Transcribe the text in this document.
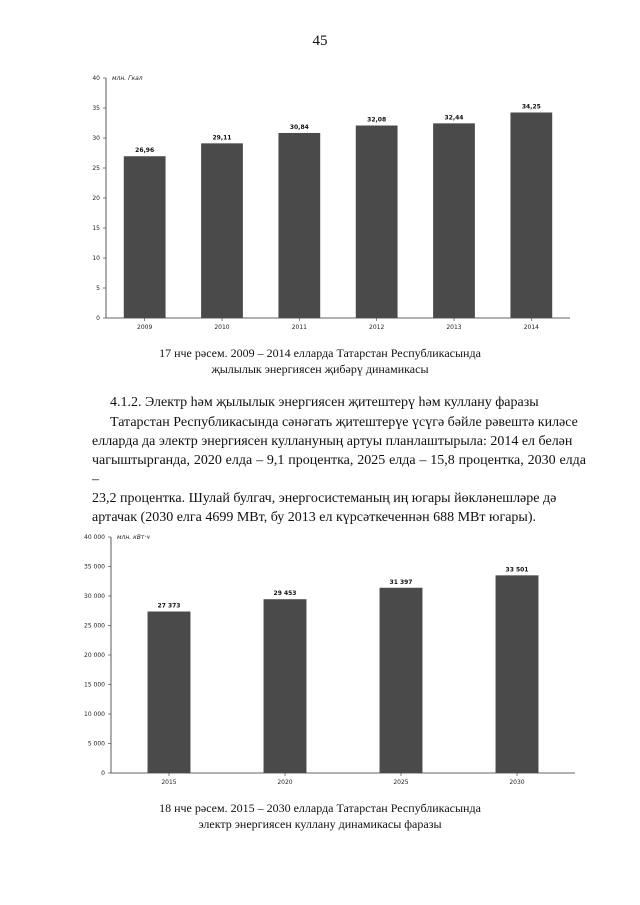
45
млн. Гкал
0
5
10
15
20
25
30
35
40
26,96
2009
29,11
2010
30,84
2011
32,08
2012
32,44
2013
34,25
2014
17 нче рәсем. 2009 – 2014 елларда Татарстан Республикасында
җылылык энергиясен җибәрү динамикасы
4.1.2. Электр һәм җылылык энергиясен җитештерү һәм куллану фаразы
Татарстан Республикасында сәнәгать җитештерүе үсүгә бәйле рәвештә киләсе
елларда да электр энергиясен куллануның артуы планлаштырыла: 2014 ел белән
чагыштырганда, 2020 елда – 9,1 процентка, 2025 елда – 15,8 процентка, 2030 елда –
23,2 процентка. Шулай булгач, энергосистеманың иң югары йөкләнешләре дә
артачак (2030 елга 4699 МВт, бу 2013 ел күрсәткеченнән 688 МВт югары).
млн. кВт·ч
0
5 000
10 000
15 000
20 000
25 000
30 000
35 000
40 000
27 373
2015
29 453
2020
31 397
2025
33 501
2030
18 нче рәсем. 2015 – 2030 елларда Татарстан Республикасында
электр энергиясен куллану динамикасы фаразы
